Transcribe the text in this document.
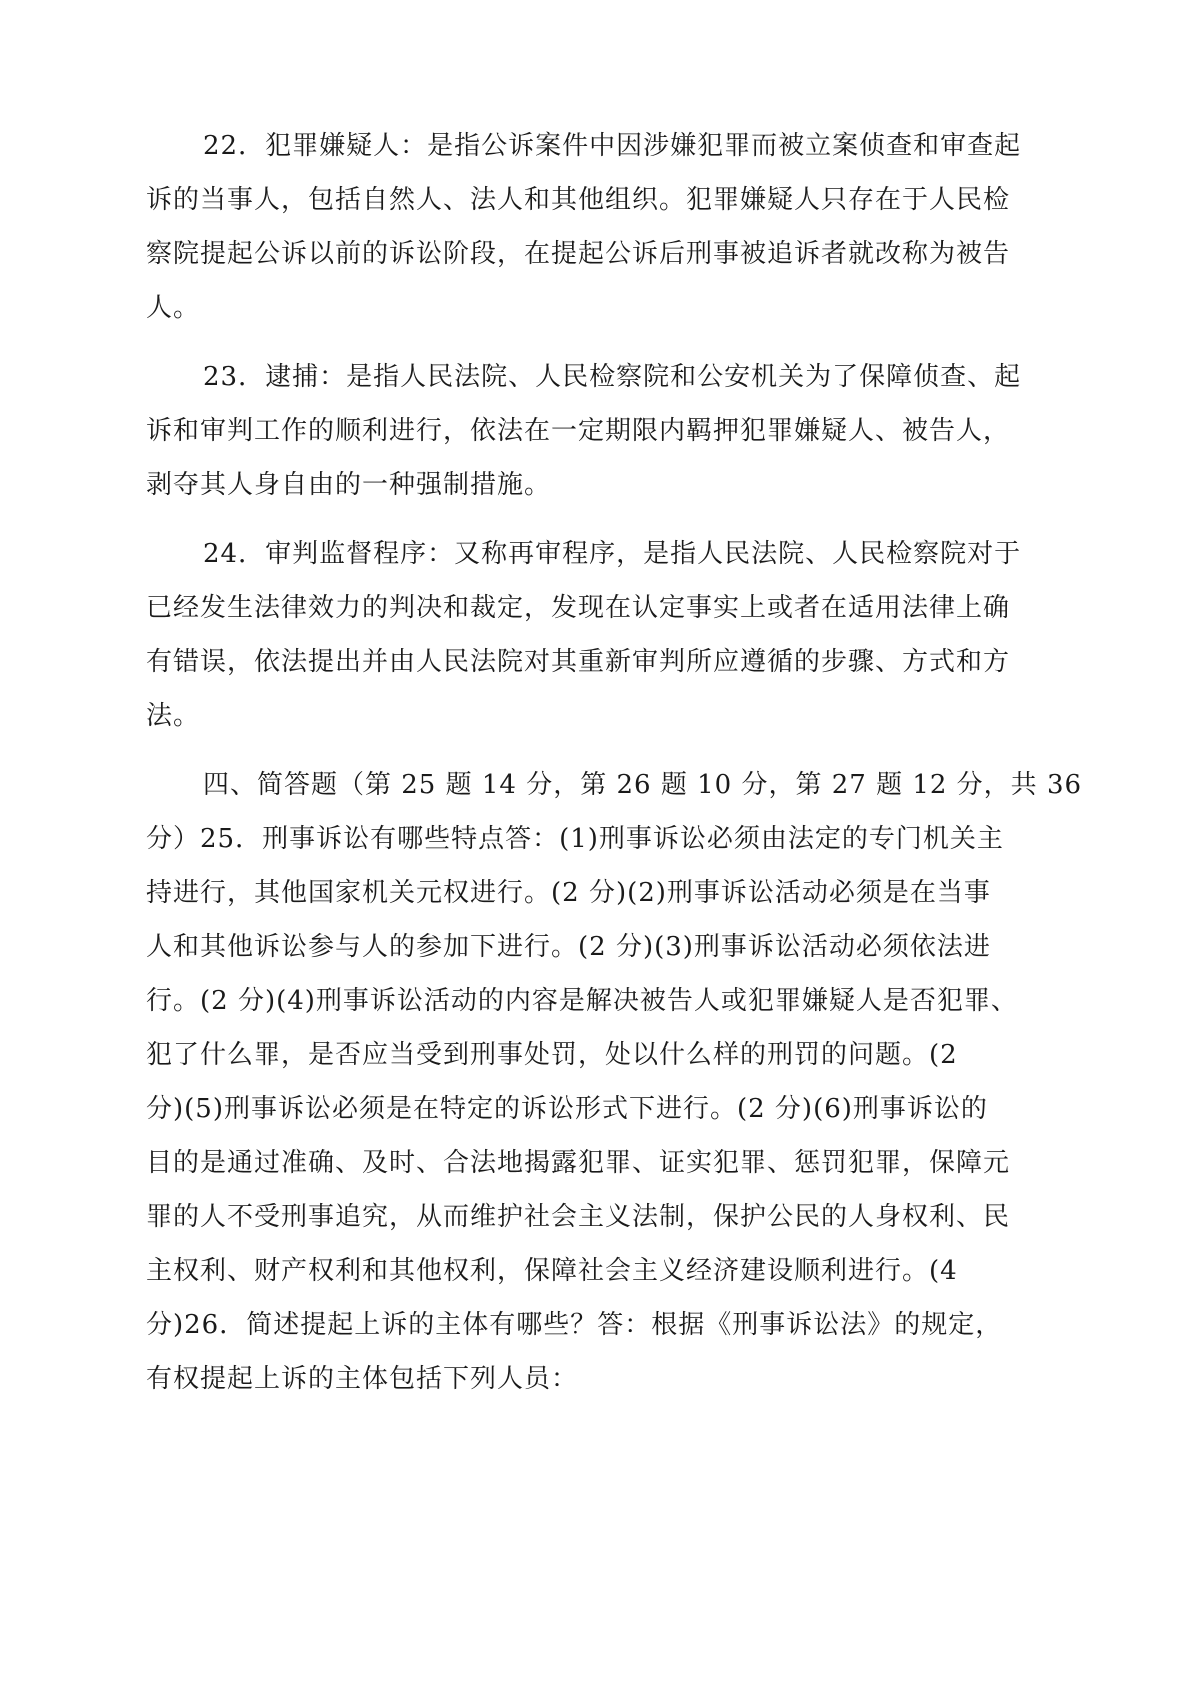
22．犯罪嫌疑人：是指公诉案件中因涉嫌犯罪而被立案侦查和审查起
诉的当事人，包括自然人、法人和其他组织。犯罪嫌疑人只存在于人民检
察院提起公诉以前的诉讼阶段，在提起公诉后刑事被追诉者就改称为被告
人。
23．逮捕：是指人民法院、人民检察院和公安机关为了保障侦查、起
诉和审判工作的顺利进行，依法在一定期限内羁押犯罪嫌疑人、被告人，
剥夺其人身自由的一种强制措施。
24．审判监督程序：又称再审程序，是指人民法院、人民检察院对于
已经发生法律效力的判决和裁定，发现在认定事实上或者在适用法律上确
有错误，依法提出并由人民法院对其重新审判所应遵循的步骤、方式和方
法。
四、简答题（第 25 题 14 分，第 26 题 10 分，第 27 题 12 分，共 36
分）25．刑事诉讼有哪些特点答：(1)刑事诉讼必须由法定的专门机关主
持进行，其他国家机关元权进行。(2 分)(2)刑事诉讼活动必须是在当事
人和其他诉讼参与人的参加下进行。(2 分)(3)刑事诉讼活动必须依法进
行。(2 分)(4)刑事诉讼活动的内容是解决被告人或犯罪嫌疑人是否犯罪、
犯了什么罪，是否应当受到刑事处罚，处以什么样的刑罚的问题。(2
分)(5)刑事诉讼必须是在特定的诉讼形式下进行。(2 分)(6)刑事诉讼的
目的是通过准确、及时、合法地揭露犯罪、证实犯罪、惩罚犯罪，保障元
罪的人不受刑事追究，从而维护社会主义法制，保护公民的人身权利、民
主权利、财产权利和其他权利，保障社会主义经济建设顺利进行。(4
分)26．简述提起上诉的主体有哪些？答：根据《刑事诉讼法》的规定，
有权提起上诉的主体包括下列人员：
